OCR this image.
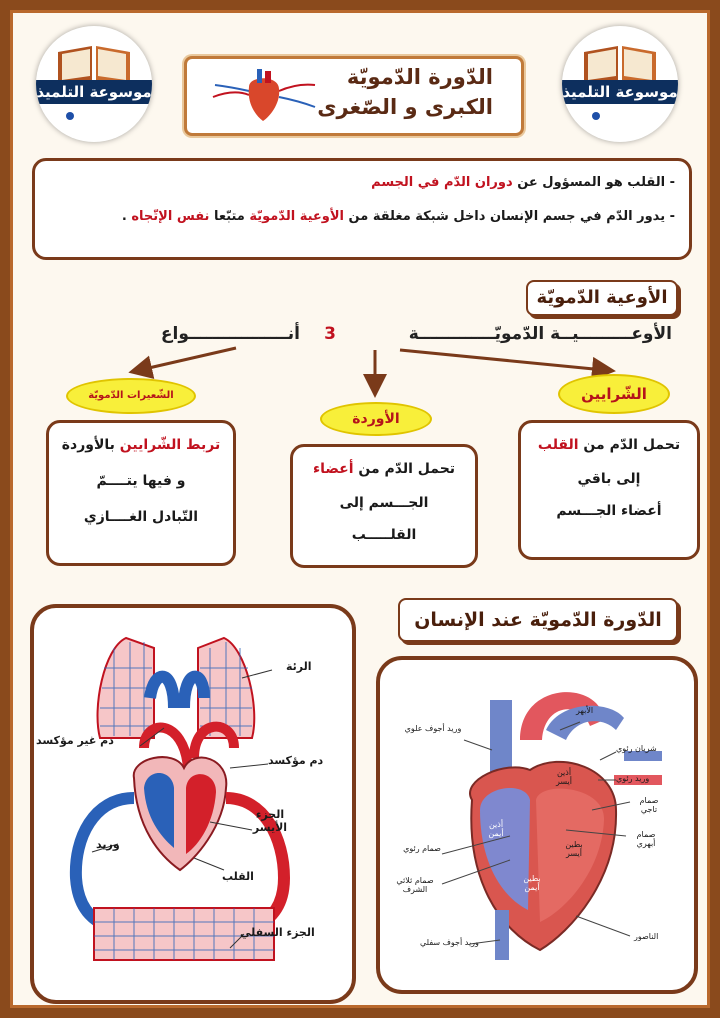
موسوعة التلميذ	موسوعة التلميذ
الدّورة الدّمويّة
الكبرى و الصّغرى

- القلب هو المسؤول عن دوران الدّم في الجسم

- يدور الدّم في جسم الإنسان داخل شبكة مغلقة من الأوعية الدّمويّة متبّعا نفس الإتّجاه .

الأوعية الدّمويّة
الأوعـــــــــيــة الدّمويّـــــــــــــة
3
أنـــــــــــــــــواع
الشّرايين
الأوردة
الشّعيرات الدّمويّة
تحمل الدّم من القلب
إلى باقي
أعضاء الجـــسم
تحمل الدّم من أعضاء
الجـــسم إلى
القلـــــب
تربط الشّرايين بالأوردة
و فيها يتــــمّ
التّبادل الغــــازي
الدّورة الدّمويّة عند الإنسان
الرئة
دم غير مؤكسد
دم مؤكسد
الجزء الأيسر
وريد
القلب
الجزء السفلي
وريد أجوف علوي
الأبهر
شريان رئوي
وريد رئوي
صمام تاجي
صمام أبهري
صمام رئوي
صمام ثلاثي الشرف
وريد أجوف سفلي
الناصور
أذين أيمن
أذين أيسر
بطين أيمن
بطين أيسر
